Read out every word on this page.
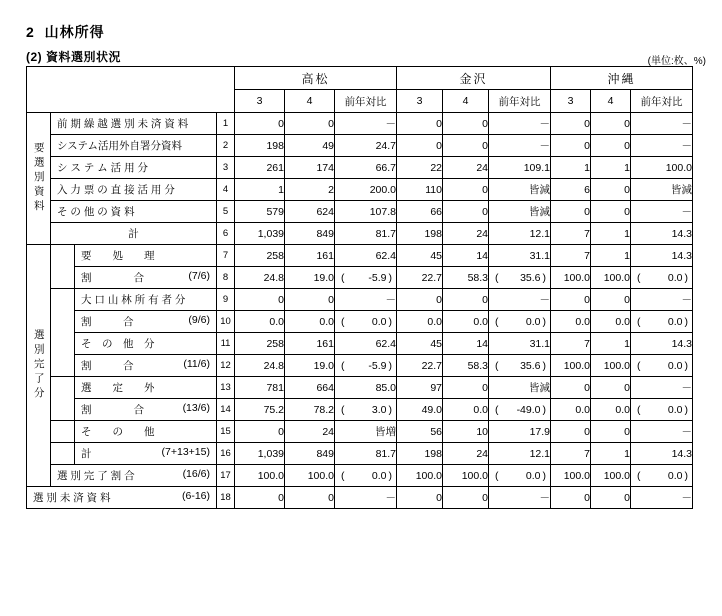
2 山林所得
(2) 資料選別状況	(単位:枚、%)
				高松			金沢			沖縄		
				3	4	前年対比	3	4	前年対比	3	4	前年対比

要選別資料	前 期 繰 越 選 別 未 済 資 料		1	0	0	－	0	0	－	0	0	－

	システム活用外自署分資料		2	198	49	24.7	0	0	－	0	0	－

	シ ス テ ム 活 用 分		3	261	174	66.7	22	24	109.1	1	1	100.0

	入 力 票 の 直 接 活 用 分		4	1	2	200.0	110	0	皆減	6	0	皆減

	そ の 他 の 資 料		5	579	624	107.8	66	0	皆減	0	0	－
	計		6	1,039	849	81.7	198	24	12.1	7	1	14.3

選別完了分		要　　処　　理	7	258	161	62.4	45	14	31.1	7	1	14.3

		割　　　　合 (7/6)	8	24.8	19.0	( -5.9 )	22.7	58.3	( 35.6 )	100.0	100.0	( 0.0 )

		大 口 山 林 所 有 者 分	9	0	0	－	0	0	－	0	0	－

		割　　　合 (9/6)	10	0.0	0.0	( 0.0 )	0.0	0.0	( 0.0 )	0.0	0.0	( 0.0 )

		そ　の　他　分	11	258	161	62.4	45	14	31.1	7	1	14.3

		割　　　合 (11/6)	12	24.8	19.0	( -5.9 )	22.7	58.3	( 35.6 )	100.0	100.0	( 0.0 )

		選　　定　　外	13	781	664	85.0	97	0	皆減	0	0	－

		割　　　　合 (13/6)	14	75.2	78.2	( 3.0 )	49.0	0.0	( -49.0 )	0.0	0.0	( 0.0 )

		そ　　の　　他	15	0	24	皆増	56	10	17.9	0	0	－

		計 (7+13+15)	16	1,039	849	81.7	198	24	12.1	7	1	14.3

	選 別 完 了 割 合 (16/6)		17	100.0	100.0	( 0.0 )	100.0	100.0	( 0.0 )	100.0	100.0	( 0.0 )

選 別 未 済 資 料 (6-16)			18	0	0	－	0	0	－	0	0	－
